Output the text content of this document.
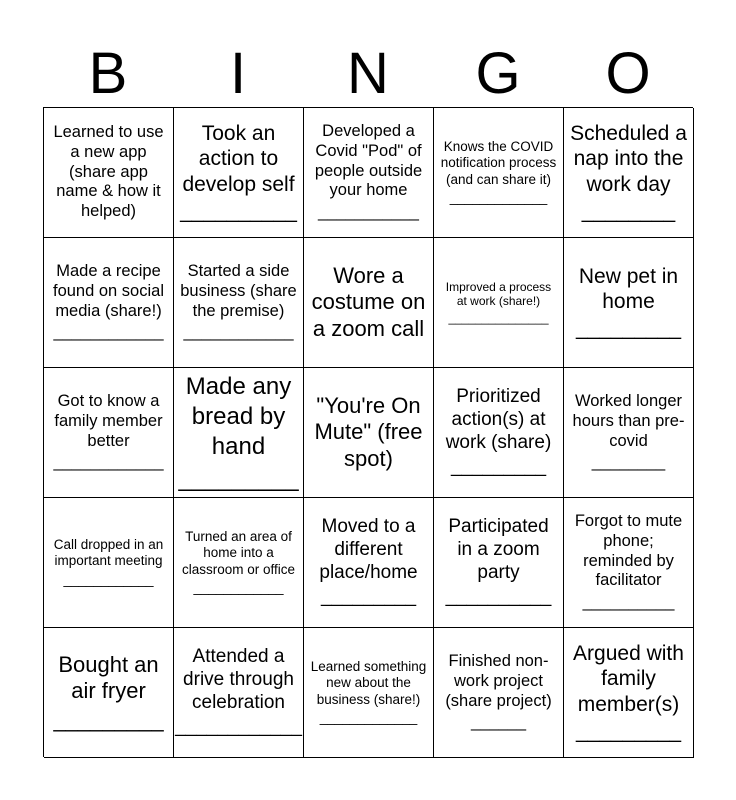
B	I	N	G	O
Learned to use a new app (share app name & how it helped)
Took an action to develop self
__________
Developed a Covid "Pod" of people outside your home
___________
Knows the COVID notification process (and can share it)
_____________
Scheduled a nap into the work day
________
Made a recipe found on social media (share!)
____________
Started a side business (share the premise)
____________
Wore a costume on a zoom call
Improved a process at work (share!)
_______________
New pet in home
_________
Got to know a family member better
____________
Made any bread by hand
_________
"You're On Mute" (free spot)
Prioritized action(s) at work (share)
_________
Worked longer hours than pre-covid
________
Call dropped in an important meeting
____________
Turned an area of home into a classroom or office
____________
Moved to a different place/home
_________
Participated in a zoom party
__________
Forgot to mute phone; reminded by facilitator
__________
Bought an air fryer
_________
Attended a drive through celebration
____________
Learned something new about the business (share!)
_____________
Finished non-work project (share project)
______
Argued with family member(s)
_________
